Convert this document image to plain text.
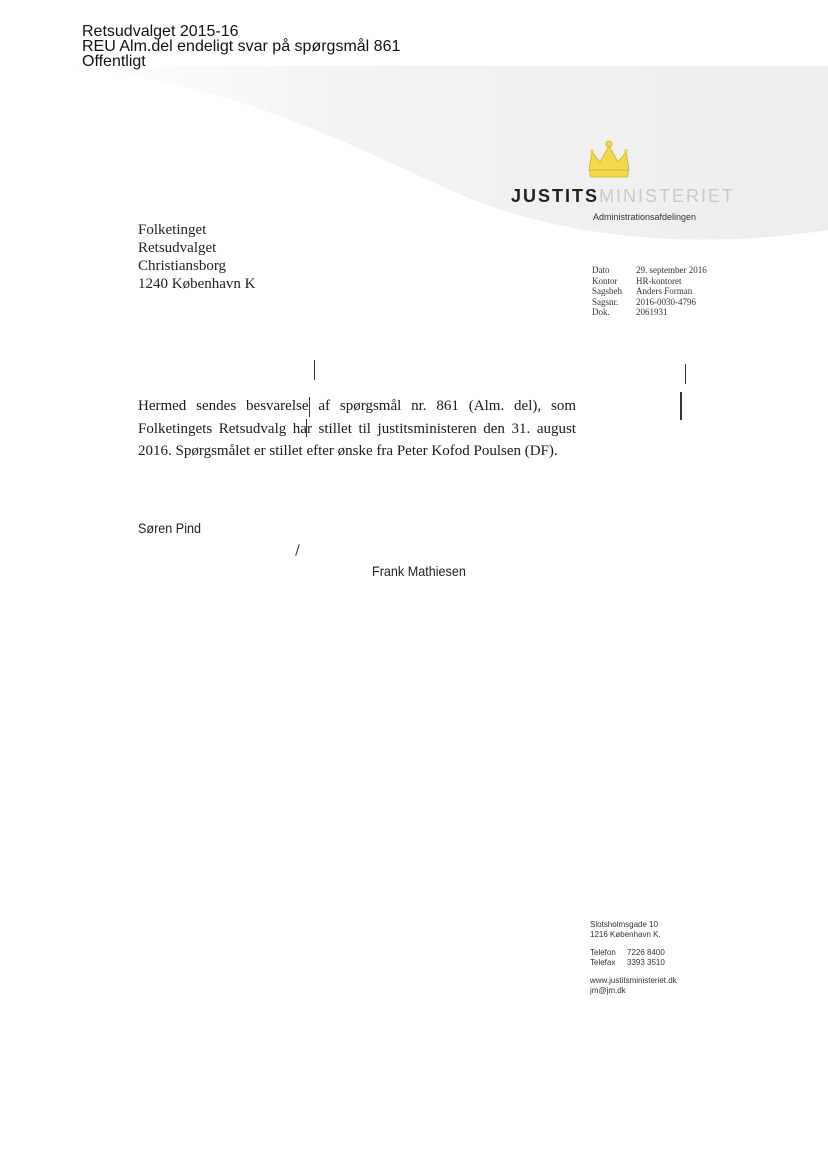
Retsudvalget 2015-16
REU Alm.del endeligt svar på spørgsmål 861
Offentligt
JUSTITSMINISTERIET
Administrationsafdelingen
Folketinget
Retsudvalget
Christiansborg
1240 København K
Dato	29. september 2016
Kontor	HR-kontoret
Sagsbeh	Anders Forman
Sagsnr.	2016-0030-4796
Dok.	2061931
Hermed sendes besvarelse af spørgsmål nr. 861 (Alm. del), som Folketingets Retsudvalg har stillet til justitsministeren den 31. august 2016. Spørgsmålet er stillet efter ønske fra Peter Kofod Poulsen (DF).
Søren Pind
Frank Mathiesen
Slotsholmsgade 10
1216 København K.
Telefon	7226 8400
Telefax	3393 3510
www.justitsministeriet.dk
jm@jm.dk
